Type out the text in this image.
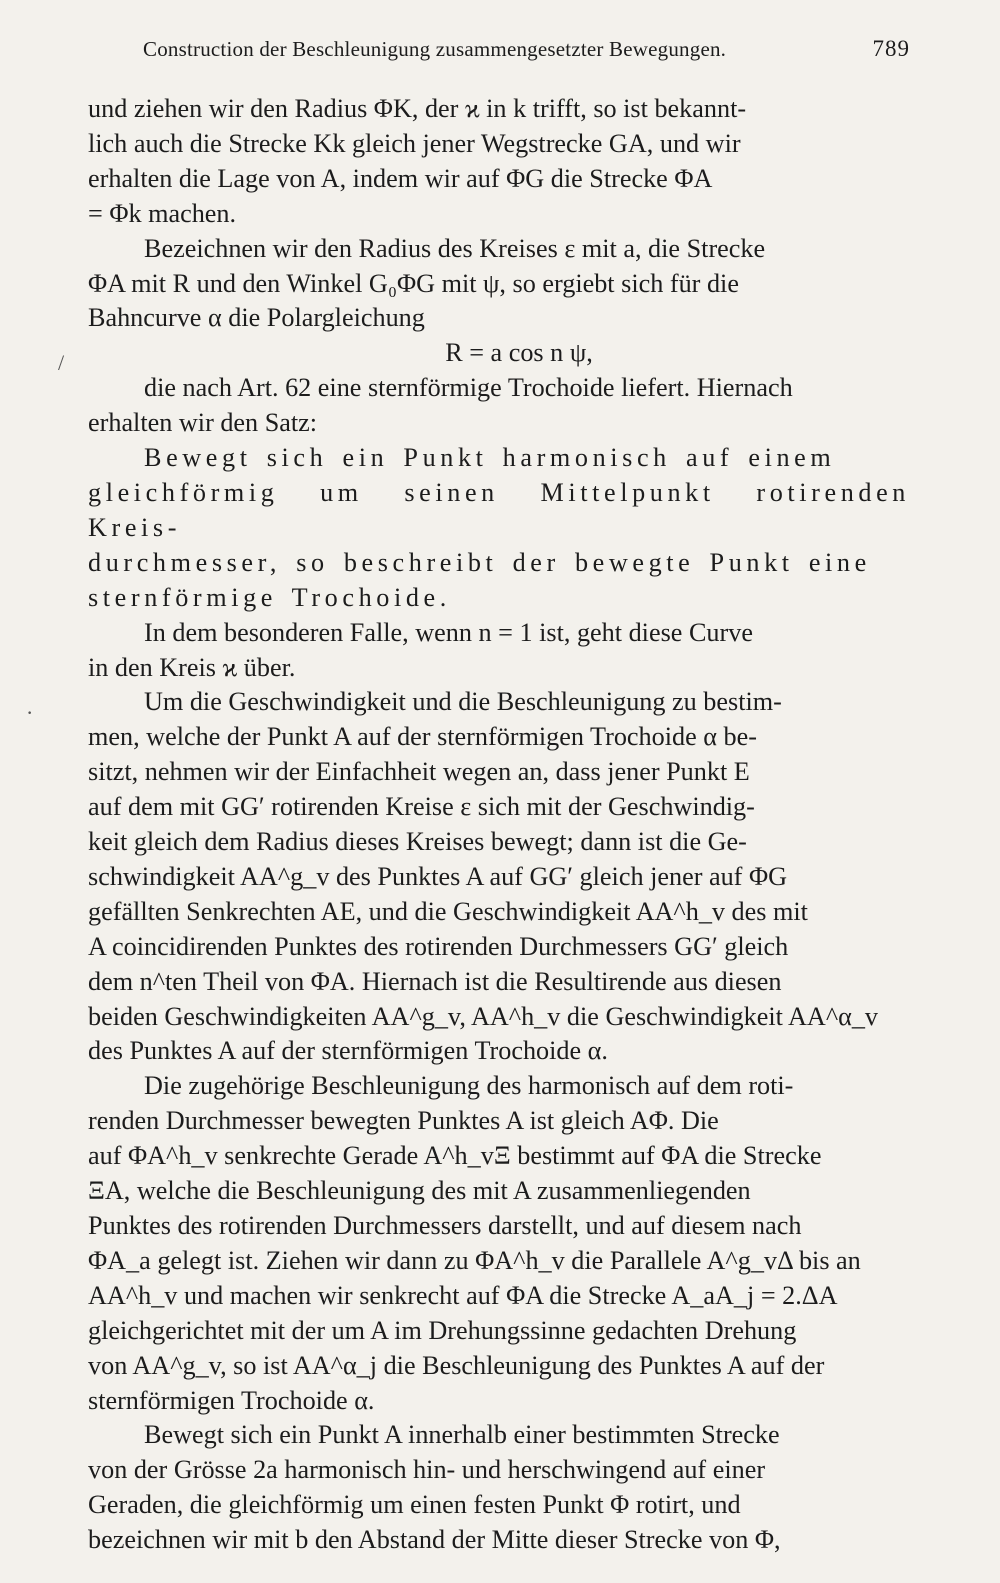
Construction der Beschleunigung zusammengesetzter Bewegungen.	789
/
·

und ziehen wir den Radius ΦK, der ϰ in k trifft, so ist bekannt-
lich auch die Strecke Kk gleich jener Wegstrecke GA, und wir
erhalten die Lage von A, indem wir auf ΦG die Strecke ΦA
= Φk machen.

Bezeichnen wir den Radius des Kreises ε mit a, die Strecke
ΦA mit R und den Winkel G₀ΦG mit ψ, so ergiebt sich für die
Bahncurve α die Polargleichung

R = a cos n ψ,

die nach Art. 62 eine sternförmige Trochoide liefert. Hiernach
erhalten wir den Satz:

Bewegt sich ein Punkt harmonisch auf einem
gleichförmig um seinen Mittelpunkt rotirenden Kreis-
durchmesser, so beschreibt der bewegte Punkt eine
sternförmige Trochoide.

In dem besonderen Falle, wenn n = 1 ist, geht diese Curve
in den Kreis ϰ über.

Um die Geschwindigkeit und die Beschleunigung zu bestim-
men, welche der Punkt A auf der sternförmigen Trochoide α be-
sitzt, nehmen wir der Einfachheit wegen an, dass jener Punkt E
auf dem mit GG′ rotirenden Kreise ε sich mit der Geschwindig-
keit gleich dem Radius dieses Kreises bewegt; dann ist die Ge-
schwindigkeit AA^g_v des Punktes A auf GG′ gleich jener auf ΦG
gefällten Senkrechten AE, und die Geschwindigkeit AA^h_v des mit
A coincidirenden Punktes des rotirenden Durchmessers GG′ gleich
dem n^ten Theil von ΦA. Hiernach ist die Resultirende aus diesen
beiden Geschwindigkeiten AA^g_v, AA^h_v die Geschwindigkeit AA^α_v
des Punktes A auf der sternförmigen Trochoide α.

Die zugehörige Beschleunigung des harmonisch auf dem roti-
renden Durchmesser bewegten Punktes A ist gleich AΦ. Die
auf ΦA^h_v senkrechte Gerade A^h_vΞ bestimmt auf ΦA die Strecke
ΞA, welche die Beschleunigung des mit A zusammenliegenden
Punktes des rotirenden Durchmessers darstellt, und auf diesem nach
ΦA_a gelegt ist. Ziehen wir dann zu ΦA^h_v die Parallele A^g_vΔ bis an
AA^h_v und machen wir senkrecht auf ΦA die Strecke A_aA_j = 2.ΔA
gleichgerichtet mit der um A im Drehungssinne gedachten Drehung
von AA^g_v, so ist AA^α_j die Beschleunigung des Punktes A auf der
sternförmigen Trochoide α.

Bewegt sich ein Punkt A innerhalb einer bestimmten Strecke
von der Grösse 2a harmonisch hin- und herschwingend auf einer
Geraden, die gleichförmig um einen festen Punkt Φ rotirt, und
bezeichnen wir mit b den Abstand der Mitte dieser Strecke von Φ,
